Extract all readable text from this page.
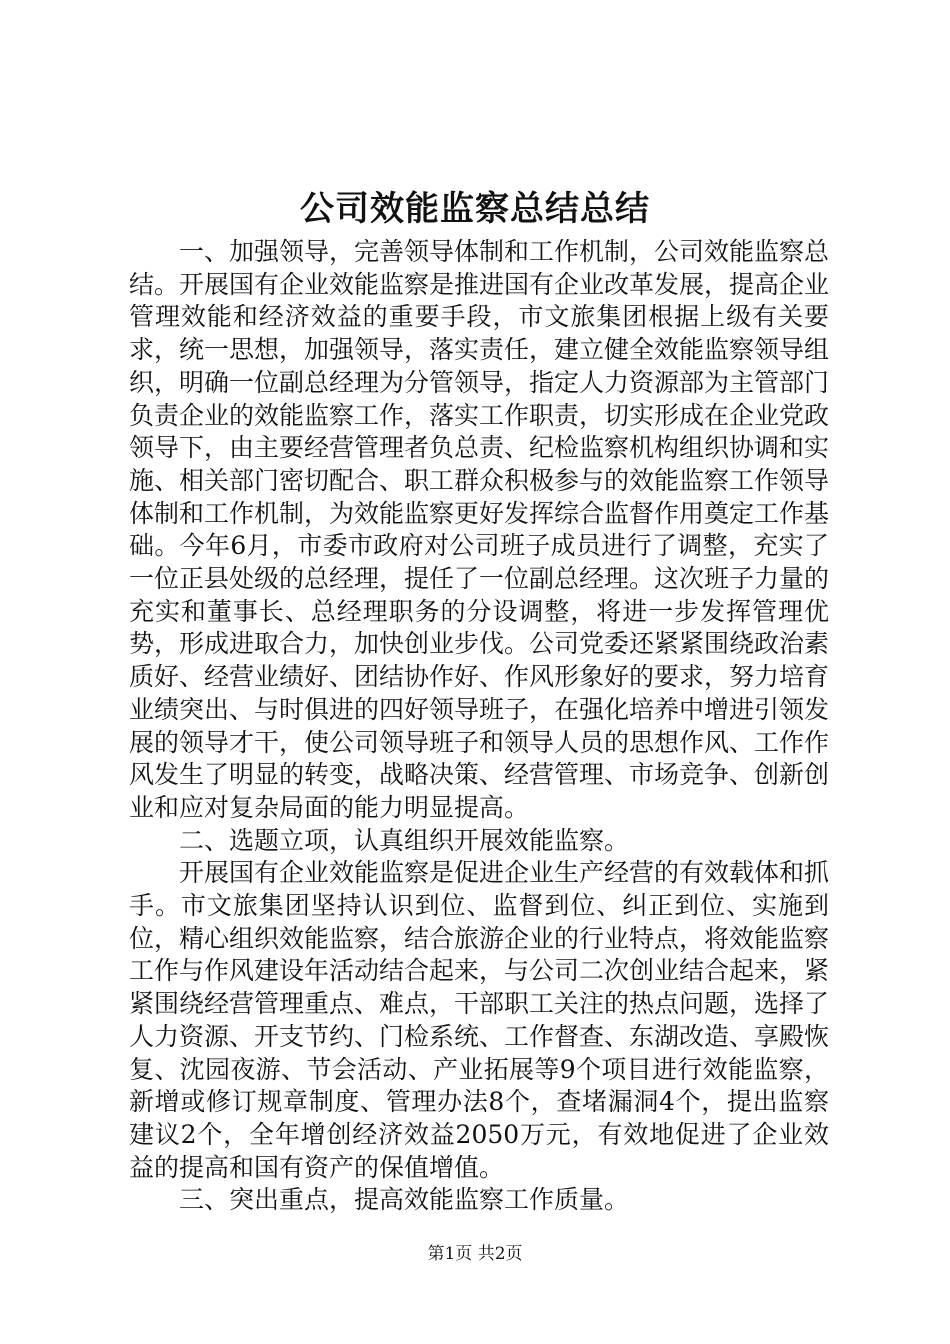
公司效能监察总结总结

一、加强领导，完善领导体制和工作机制，公司效能监察总结。开展国有企业效能监察是推进国有企业改革发展，提高企业管理效能和经济效益的重要手段，市文旅集团根据上级有关要求，统一思想，加强领导，落实责任，建立健全效能监察领导组织，明确一位副总经理为分管领导，指定人力资源部为主管部门负责企业的效能监察工作，落实工作职责，切实形成在企业党政领导下，由主要经营管理者负总责、纪检监察机构组织协调和实施、相关部门密切配合、职工群众积极参与的效能监察工作领导体制和工作机制，为效能监察更好发挥综合监督作用奠定工作基础。今年6月，市委市政府对公司班子成员进行了调整，充实了一位正县处级的总经理，提任了一位副总经理。这次班子力量的充实和董事长、总经理职务的分设调整，将进一步发挥管理优势，形成进取合力，加快创业步伐。公司党委还紧紧围绕政治素质好、经营业绩好、团结协作好、作风形象好的要求，努力培育业绩突出、与时俱进的四好领导班子，在强化培养中增进引领发展的领导才干，使公司领导班子和领导人员的思想作风、工作作风发生了明显的转变，战略决策、经营管理、市场竞争、创新创业和应对复杂局面的能力明显提高。

二、选题立项，认真组织开展效能监察。

开展国有企业效能监察是促进企业生产经营的有效载体和抓手。市文旅集团坚持认识到位、监督到位、纠正到位、实施到位，精心组织效能监察，结合旅游企业的行业特点，将效能监察工作与作风建设年活动结合起来，与公司二次创业结合起来，紧紧围绕经营管理重点、难点，干部职工关注的热点问题，选择了人力资源、开支节约、门检系统、工作督查、东湖改造、享殿恢复、沈园夜游、节会活动、产业拓展等9个项目进行效能监察，新增或修订规章制度、管理办法8个，查堵漏洞4个，提出监察建议2个，全年增创经济效益2050万元，有效地促进了企业效益的提高和国有资产的保值增值。

三、突出重点，提高效能监察工作质量。

第1页 共2页
